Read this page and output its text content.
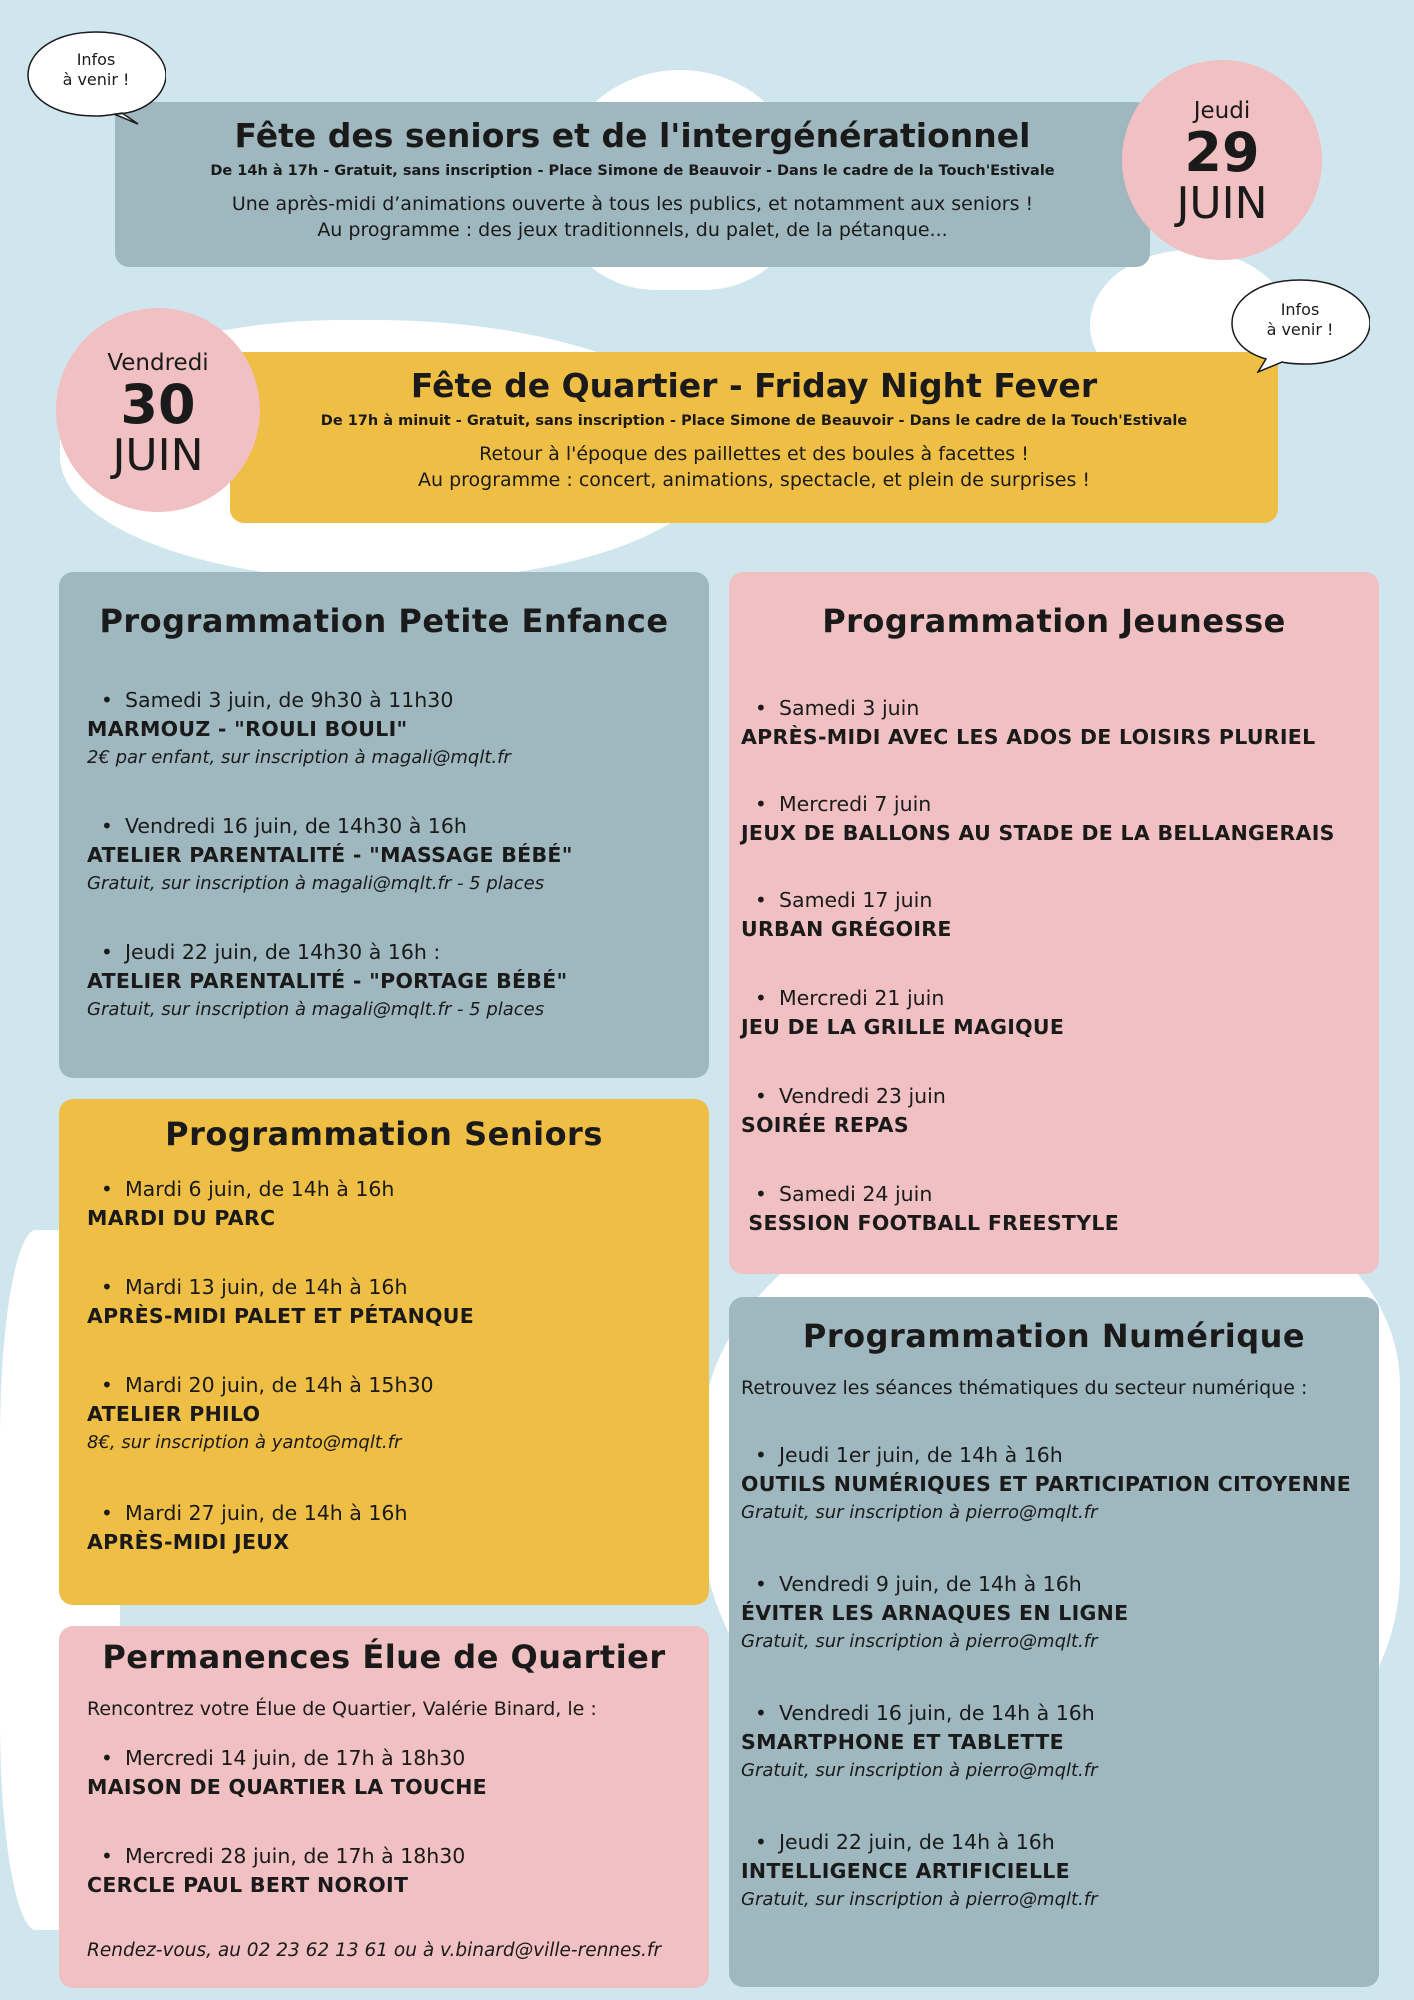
Fête des seniors et de l'intergénérationnel
De 14h à 17h - Gratuit, sans inscription - Place Simone de Beauvoir - Dans le cadre de la Touch'Estivale
Une après-midi d’animations ouverte à tous les publics, et notamment aux seniors !
Au programme : des jeux traditionnels, du palet, de la pétanque...
Jeudi
29
JUIN
Infos
à venir !
Fête de Quartier - Friday Night Fever
De 17h à minuit - Gratuit, sans inscription - Place Simone de Beauvoir - Dans le cadre de la Touch'Estivale
Retour à l'époque des paillettes et des boules à facettes !
Au programme : concert, animations, spectacle, et plein de surprises !
Vendredi
30
JUIN
Infos
à venir !
Programmation Petite Enfance
• Samedi 3 juin, de 9h30 à 11h30
MARMOUZ - "ROULI BOULI"
2€ par enfant, sur inscription à magali@mqlt.fr
• Vendredi 16 juin, de 14h30 à 16h
ATELIER PARENTALITÉ - "MASSAGE BÉBÉ"
Gratuit, sur inscription à magali@mqlt.fr - 5 places
• Jeudi 22 juin, de 14h30 à 16h :
ATELIER PARENTALITÉ - "PORTAGE BÉBÉ"
Gratuit, sur inscription à magali@mqlt.fr - 5 places
Programmation Jeunesse
• Samedi 3 juin
APRÈS-MIDI AVEC LES ADOS DE LOISIRS PLURIEL
• Mercredi 7 juin
JEUX DE BALLONS AU STADE DE LA BELLANGERAIS
• Samedi 17 juin
URBAN GRÉGOIRE
• Mercredi 21 juin
JEU DE LA GRILLE MAGIQUE
• Vendredi 23 juin
SOIRÉE REPAS
• Samedi 24 juin
SESSION FOOTBALL FREESTYLE
Programmation Seniors
• Mardi 6 juin, de 14h à 16h
MARDI DU PARC
• Mardi 13 juin, de 14h à 16h
APRÈS-MIDI PALET ET PÉTANQUE
• Mardi 20 juin, de 14h à 15h30
ATELIER PHILO
8€, sur inscription à yanto@mqlt.fr
• Mardi 27 juin, de 14h à 16h
APRÈS-MIDI JEUX
Programmation Numérique
Retrouvez les séances thématiques du secteur numérique :
• Jeudi 1er juin, de 14h à 16h
OUTILS NUMÉRIQUES ET PARTICIPATION CITOYENNE
Gratuit, sur inscription à pierro@mqlt.fr
• Vendredi 9 juin, de 14h à 16h
ÉVITER LES ARNAQUES EN LIGNE
Gratuit, sur inscription à pierro@mqlt.fr
• Vendredi 16 juin, de 14h à 16h
SMARTPHONE ET TABLETTE
Gratuit, sur inscription à pierro@mqlt.fr
• Jeudi 22 juin, de 14h à 16h
INTELLIGENCE ARTIFICIELLE
Gratuit, sur inscription à pierro@mqlt.fr
Permanences Élue de Quartier
Rencontrez votre Élue de Quartier, Valérie Binard, le :
• Mercredi 14 juin, de 17h à 18h30
MAISON DE QUARTIER LA TOUCHE
• Mercredi 28 juin, de 17h à 18h30
CERCLE PAUL BERT NOROIT
Rendez-vous, au 02 23 62 13 61 ou à v.binard@ville-rennes.fr
